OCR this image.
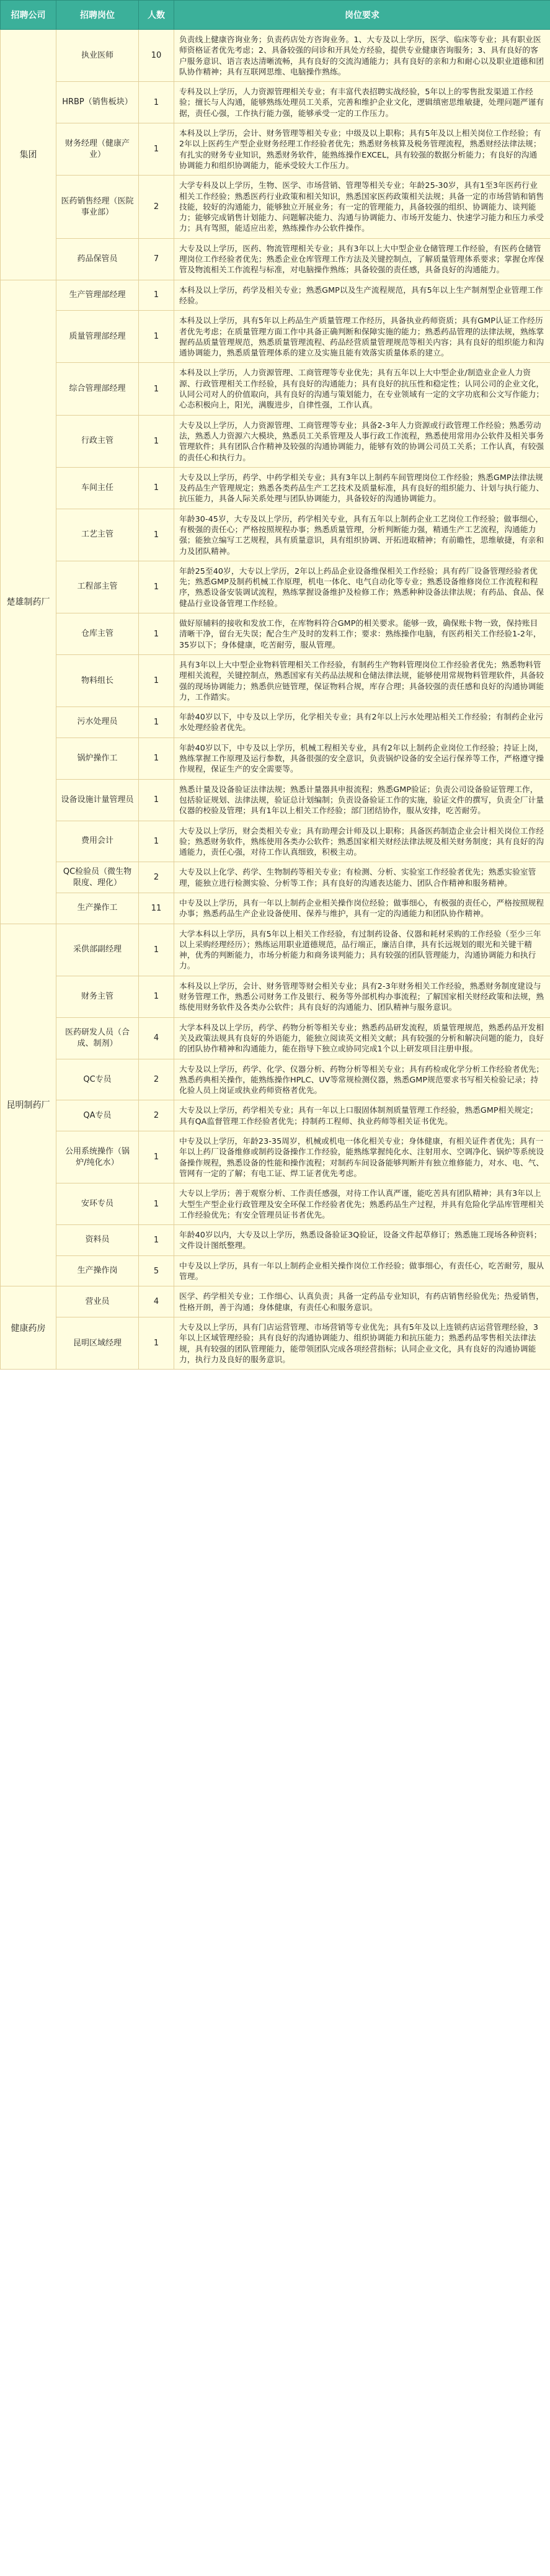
招聘公司	招聘岗位	人数	岗位要求
集团	执业医师	10	负责线上健康咨询业务；负责药店处方咨询业务。1、大专及以上学历，医学、临床等专业；具有职业医师资格证者优先考虑；2、具备较强的问诊和开具处方经验，提供专业健康咨询服务；3、具有良好的客户服务意识、语言表达清晰流畅，具有良好的交流沟通能力；具有良好的亲和力和耐心以及职业道德和团队协作精神；具有互联网思维、电脑操作熟练。

	HRBP（销售板块）	1	专科及以上学历，人力资源管理相关专业；有丰富代表招聘实战经验，5年以上的零售批发渠道工作经验；擅长与人沟通，能够熟练处理员工关系，完善和维护企业文化，逻辑缜密思维敏捷，处理问题严谨有据，责任心强，工作执行能力强，能够承受一定的工作压力。

	财务经理（健康产业）	1	本科及以上学历，会计、财务管理等相关专业；中级及以上职称；具有5年及以上相关岗位工作经验；有2年以上医药生产型企业财务经理工作经验者优先；熟悉财务核算及税务管理流程，熟悉财经法律法规；有扎实的财务专业知识，熟悉财务软件，能熟练操作EXCEL，具有较强的数据分析能力；有良好的沟通协调能力和组织协调能力，能承受较大工作压力。

	医药销售经理（医院事业部）	2	大学专科及以上学历，生物、医学、市场营销、管理等相关专业；年龄25-30岁，具有1至3年医药行业相关工作经验；熟悉医药行业政策和相关知识，熟悉国家医药政策相关法规；具备一定的市场营销和销售技能，较好的沟通能力，能够独立开展业务；有一定的管理能力，具备较强的组织、协调能力、谈判能力；能够完成销售计划能力、问题解决能力、沟通与协调能力、市场开发能力、快速学习能力和压力承受力；具有驾照，能适应出差，熟练操作办公软件操作。

	药品保管员	7	大专及以上学历，医药、物流管理相关专业；具有3年以上大中型企业仓储管理工作经验，有医药仓储管理岗位工作经验者优先；熟悉企业仓库管理工作方法及关键控制点，了解质量管理体系要求；掌握仓库保管及物流相关工作流程与标准，对电脑操作熟练；具备较强的责任感，具备良好的沟通能力。

楚雄制药厂	生产管理部经理	1	本科及以上学历，药学及相关专业；熟悉GMP以及生产流程规范，具有5年以上生产制剂型企业管理工作经验。

	质量管理部经理	1	本科及以上学历，具有5年以上药品生产质量管理工作经历，具备执业药师资质；具有GMP认证工作经历者优先考虑；在质量管理方面工作中具备正确判断和保障实施的能力；熟悉药品管理的法律法规，熟练掌握药品质量管理规范，熟悉质量管理流程、药品经营质量管理规范等相关内容；具有良好的组织能力和沟通协调能力，熟悉质量管理体系的建立及实施且能有效落实质量体系的建立。

	综合管理部经理	1	本科及以上学历，人力资源管理、工商管理等专业优先；具有五年以上大中型企业/制造业企业人力资源、行政管理相关工作经验，具有良好的沟通能力；具有良好的抗压性和稳定性；认同公司的企业文化，认同公司对人的价值取向，具有良好的沟通与策划能力，在专业领域有一定的文字功底和公文写作能力；心态积极向上，阳光，满腹进步，自律性强，工作认真。

	行政主管	1	大专及以上学历，人力资源管理、工商管理等专业；具备2-3年人力资源或行政管理工作经验；熟悉劳动法，熟悉人力资源六大模块，熟悉员工关系管理及人事行政工作流程，熟悉使用常用办公软件及相关事务管理软件；具有团队合作精神及较强的沟通协调能力，能够有效的协调公司员工关系；工作认真，有较强的责任心和执行力。

	车间主任	1	大专及以上学历，药学、中药学相关专业；具有3年以上制药车间管理岗位工作经验；熟悉GMP法律法规及药品生产管理规定；熟悉各类药品生产工艺技术及质量标准，具有良好的组织能力、计划与执行能力、抗压能力，具备人际关系处理与团队协调能力，具备较好的沟通协调能力。

	工艺主管	1	年龄30-45岁，大专及以上学历，药学相关专业，具有五年以上制药企业工艺岗位工作经验；做事细心，有极强的责任心；严格按照规程办事；熟悉质量管理，分析判断能力强，精通生产工艺流程，沟通能力强；能独立编写工艺规程，具有质量意识，具有组织协调、开拓进取精神；有前瞻性，思维敏捷，有亲和力及团队精神。

	工程部主管	1	年龄25至40岁，大专以上学历，2年以上药品企业设备维保相关工作经验；具有药厂设备管理经验者优先；熟悉GMP及制药机械工作原理，机电一体化、电气自动化等专业；熟悉设备维修岗位工作流程和程序，熟悉设备安装调试流程，熟练掌握设备维护及检修工作；熟悉种种设备法律法规；有药品、食品、保健品行业设备管理工作经验。

	仓库主管	1	做好原辅料的接收和发放工作，在库物料符合GMP的相关要求。能够一致，确保账卡物一致，保持账目清晰干净，留台无失误；配合生产及时的发料工作；要求：熟练操作电脑，有医药相关工作经验1-2年，35岁以下；身体健康，吃苦耐劳，服从管理。

	物料组长	1	具有3年以上大中型企业物料管理相关工作经验，有制药生产物料管理岗位工作经验者优先；熟悉物料管理相关流程，关键控制点，熟悉国家有关药品法规和仓储法律法规，能够使用常规物料管理软件，具备较强的现场协调能力；熟悉供应链管理，保证物料合规，库存合理；具备较强的责任感和良好的沟通协调能力，工作踏实。

	污水处理员	1	年龄40岁以下，中专及以上学历，化学相关专业；具有2年以上污水处理站相关工作经验；有制药企业污水处理经验者优先。

	锅炉操作工	1	年龄40岁以下，中专及以上学历，机械工程相关专业，具有2年以上制药企业岗位工作经验；持证上岗，熟练掌握工作原理及运行参数，具备很强的安全意识，负责锅炉设备的安全运行保养等工作，严格遵守操作规程，保证生产的安全需要等。

	设备设施计量管理员	1	熟悉计量及设备验证法律法规；熟悉计量器具申报流程；熟悉GMP验证；负责公司设备验证管理工作，包括验证规划、法律法规，验证总计划编制；负责设备验证工作的实施，验证文件的撰写，负责全厂计量仪器的校验及管理；具有1年以上相关工作经验；部门团结协作，服从安排，吃苦耐劳。

	费用会计	1	大专及以上学历，财会类相关专业；具有助理会计师及以上职称；具备医药制造企业会计相关岗位工作经验；熟悉财务软件，熟练使用各类办公软件；熟悉国家相关财经法律法规及相关财务制度；具有良好的沟通能力，责任心强，对待工作认真细致，积极主动。

	QC检验员（微生物限度、理化）	2	大专及以上化学、药学、生物制药等相关专业；有检测、分析、实验室工作经验者优先；熟悉实验室管理，能独立进行检测实验、分析等工作；具有良好的沟通表达能力、团队合作精神和服务精神。

	生产操作工	11	中专及以上学历，具有一年以上制药企业相关操作岗位经验；做事细心，有极强的责任心，严格按照规程办事；熟悉药品生产企业设备使用、保养与维护，具有一定的沟通能力和团队协作精神。

昆明制药厂	采供部副经理	1	大学本科以上学历，具有5年以上相关工作经验，有过制药设备、仪器和耗材采购的工作经验（至少三年以上采购经理经历）；熟练运用职业道德规范，品行端正，廉洁自律，具有长远规划的眼光和关键干精神，优秀的判断能力，市场分析能力和商务谈判能力；具有较强的团队管理能力，沟通协调能力和执行力。

	财务主管	1	本科及以上学历，会计、财务管理等财会相关专业；具有2-3年财务相关工作经验，熟悉财务制度建设与财务管理工作，熟悉公司财务工作及银行、税务等外部机构办事流程；了解国家相关财经政策和法规，熟练使用财务软件及各类办公软件；具有良好的沟通能力、团队精神与服务意识。

	医药研发人员（合成、制剂）	4	大学本科及以上学历，药学、药物分析等相关专业；熟悉药品研发流程，质量管理规范，熟悉药品开发相关及政策法规具有良好的外语能力，能独立阅读英文相关文献；具有较强的分析和解决问题的能力，良好的团队协作精神和沟通能力，能在指导下独立或协同完成1个以上研发项目注册申报。

	QC专员	2	大专及以上学历，药学、化学、仪器分析、药物分析等相关专业；具有药检或化学分析工作经验者优先；熟悉药典相关操作，能熟练操作HPLC、UV等常规检测仪器，熟悉GMP规范要求书写相关检验记录；持化验人员上岗证或执业药师资格者优先。

	QA专员	2	大专及以上学历，药学相关专业；具有一年以上口服固体制剂质量管理工作经验，熟悉GMP相关规定；具有QA监督管理工作经验者优先；持制药工程师、执业药师等相关证书优先。

	公用系统操作（锅炉/纯化水）	1	中专及以上学历，年龄23-35周岁，机械或机电一体化相关专业；身体健康，有相关证件者优先；具有一年以上药厂设备维修或制药设备操作工作经验，能熟练掌握纯化水、注射用水、空调净化、锅炉等系统设备操作规程，熟悉设备的性能和操作流程；对制药车间设备能够判断并有独立维修能力，对水、电、气、管网有一定的了解；有电工证、焊工证者优先考虑。

	安环专员	1	大专以上学历；善于观察分析、工作责任感强，对待工作认真严谨，能吃苦具有团队精神；具有3年以上大型生产型企业行政管理及安全环保工作经验者优先；熟悉药品生产过程，并具有危险化学品库管理相关工作经验优先；有安全管理员证书者优先。

	资料员	1	年龄40岁以内，大专及以上学历，熟悉设备验证3Q验证，设备文件起草修订；熟悉施工现场各种资料；文件设计图纸整理。

	生产操作岗	5	中专及以上学历，具有一年以上制药企业相关操作岗位工作经验；做事细心，有责任心，吃苦耐劳，服从管理。

健康药房	营业员	4	医学、药学相关专业；工作细心、认真负责；具备一定药品专业知识，有药店销售经验优先；热爱销售，性格开朗，善于沟通；身体健康，有责任心和服务意识。

	昆明区域经理	1	大专及以上学历，具有门店运营管理、市场营销等专业优先；具有5年及以上连锁药店运营管理经验，3年以上区域管理经验；具有良好的沟通协调能力、组织协调能力和抗压能力；熟悉药品零售相关法律法规，具有较强的团队管理能力，能带领团队完成各项经营指标；认同企业文化，具有良好的沟通协调能力，执行力及良好的服务意识。
